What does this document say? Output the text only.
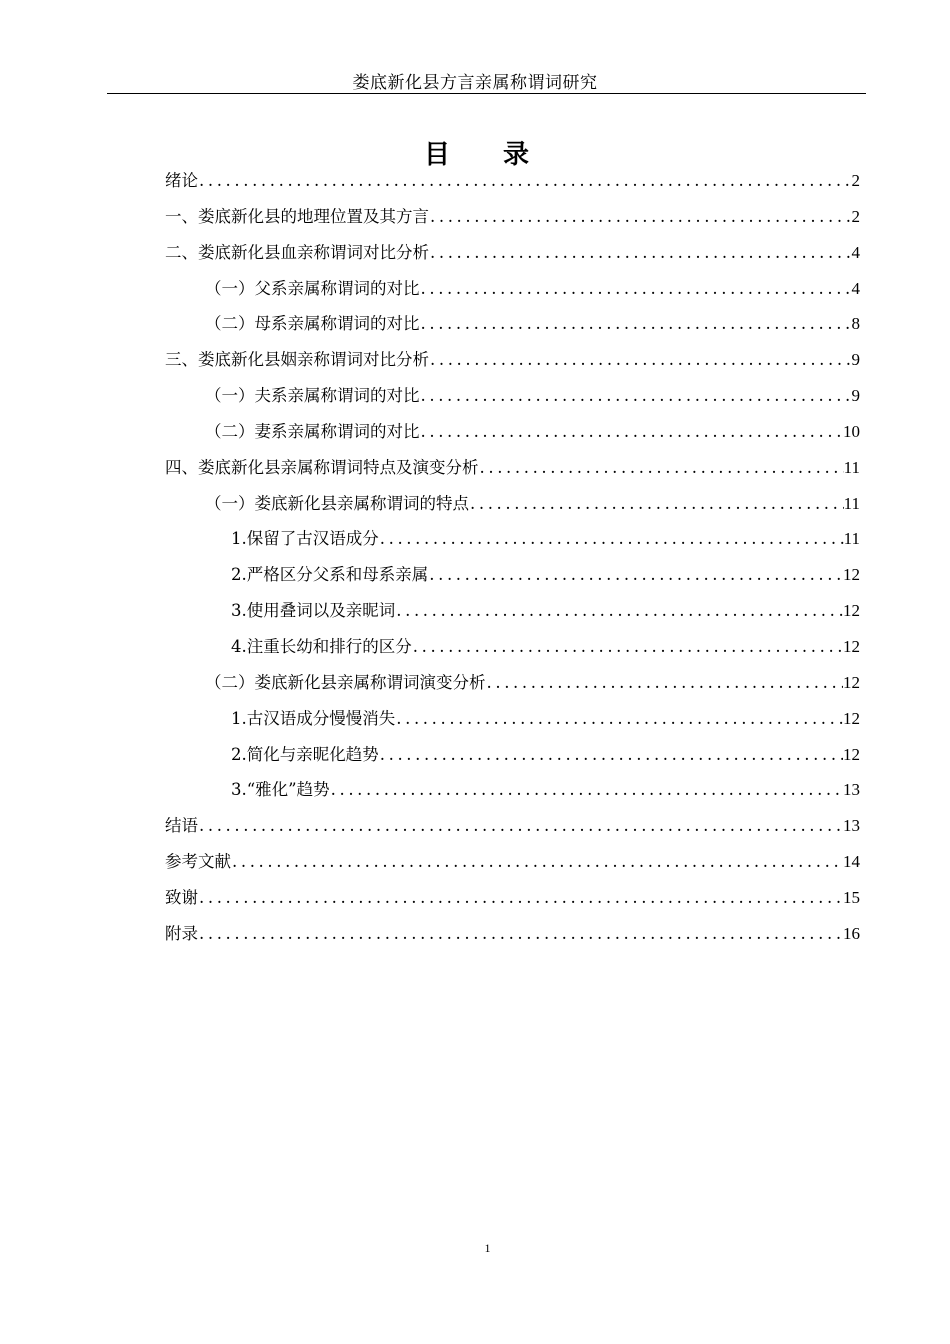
娄底新化县方言亲属称谓词研究
目 录
绪论 .....	2
一、娄底新化县的地理位置及其方言 .....	2
二、娄底新化县血亲称谓词对比分析 .....	4
（一）父系亲属称谓词的对比 .....	4
（二）母系亲属称谓词的对比 .....	8
三、娄底新化县姻亲称谓词对比分析 .....	9
（一）夫系亲属称谓词的对比 .....	9
（二）妻系亲属称谓词的对比 .....	10
四、娄底新化县亲属称谓词特点及演变分析 .....	11
（一）娄底新化县亲属称谓词的特点 .....	11
1.保留了古汉语成分 .....	11
2.严格区分父系和母系亲属 .....	12
3.使用叠词以及亲昵词 .....	12
4.注重长幼和排行的区分 .....	12
（二）娄底新化县亲属称谓词演变分析 .....	12
1.古汉语成分慢慢消失 .....	12
2.简化与亲昵化趋势 .....	12
3.“雅化”趋势 .....	13
结语 .....	13
参考文献 .....	14
致谢 .....	15
附录 .....	16
1
